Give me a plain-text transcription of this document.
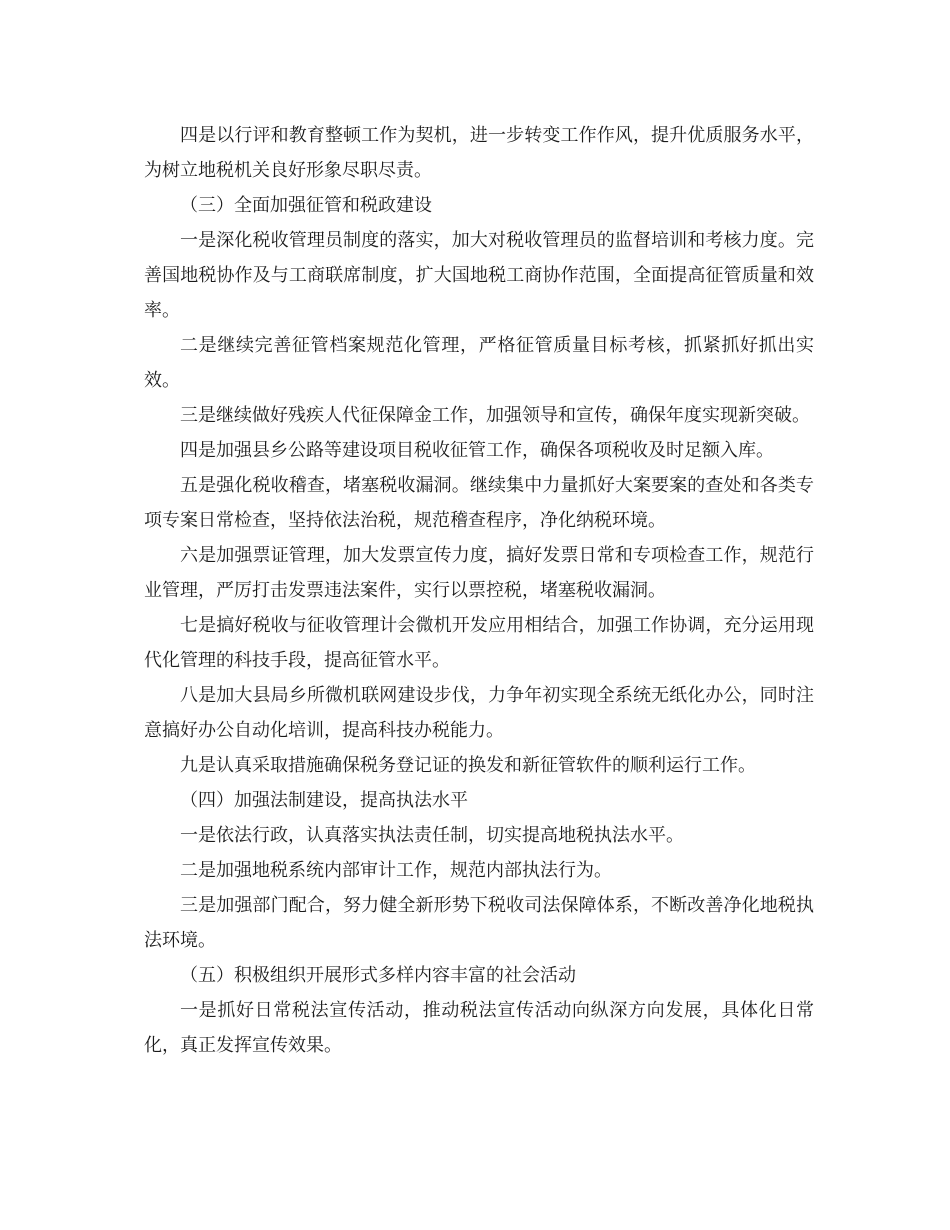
四是以行评和教育整顿工作为契机，进一步转变工作作风，提升优质服务水平，为树立地税机关良好形象尽职尽责。

（三）全面加强征管和税政建设

一是深化税收管理员制度的落实，加大对税收管理员的监督培训和考核力度。完善国地税协作及与工商联席制度，扩大国地税工商协作范围，全面提高征管质量和效率。

二是继续完善征管档案规范化管理，严格征管质量目标考核，抓紧抓好抓出实效。

三是继续做好残疾人代征保障金工作，加强领导和宣传，确保年度实现新突破。

四是加强县乡公路等建设项目税收征管工作，确保各项税收及时足额入库。

五是强化税收稽查，堵塞税收漏洞。继续集中力量抓好大案要案的查处和各类专项专案日常检查，坚持依法治税，规范稽查程序，净化纳税环境。

六是加强票证管理，加大发票宣传力度，搞好发票日常和专项检查工作，规范行业管理，严厉打击发票违法案件，实行以票控税，堵塞税收漏洞。

七是搞好税收与征收管理计会微机开发应用相结合，加强工作协调，充分运用现代化管理的科技手段，提高征管水平。

八是加大县局乡所微机联网建设步伐，力争年初实现全系统无纸化办公，同时注意搞好办公自动化培训，提高科技办税能力。

九是认真采取措施确保税务登记证的换发和新征管软件的顺利运行工作。

（四）加强法制建设，提高执法水平

一是依法行政，认真落实执法责任制，切实提高地税执法水平。

二是加强地税系统内部审计工作，规范内部执法行为。

三是加强部门配合，努力健全新形势下税收司法保障体系，不断改善净化地税执法环境。

（五）积极组织开展形式多样内容丰富的社会活动

一是抓好日常税法宣传活动，推动税法宣传活动向纵深方向发展，具体化日常化，真正发挥宣传效果。
